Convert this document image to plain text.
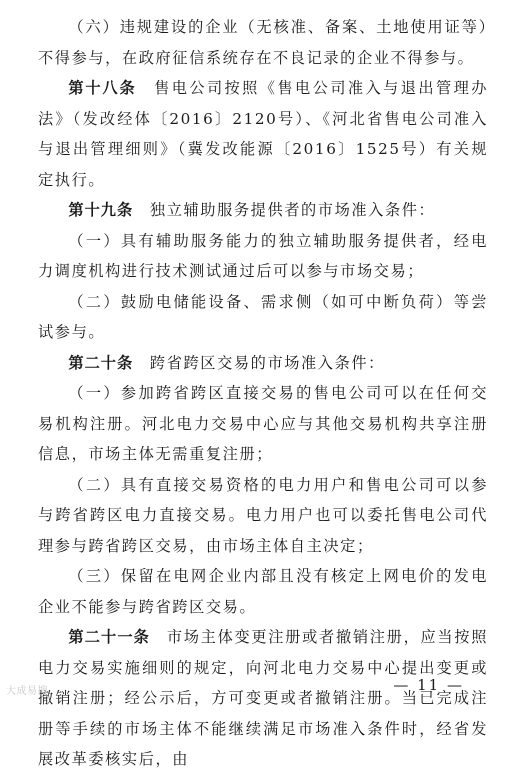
（六）违规建设的企业（无核准、备案、土地使用证等）不得参与，在政府征信系统存在不良记录的企业不得参与。

第十八条　售电公司按照《售电公司准入与退出管理办法》（发改经体〔2016〕2120号）、《河北省售电公司准入与退出管理细则》（冀发改能源〔2016〕1525号）有关规定执行。

第十九条　独立辅助服务提供者的市场准入条件：

（一）具有辅助服务能力的独立辅助服务提供者，经电力调度机构进行技术测试通过后可以参与市场交易；

（二）鼓励电储能设备、需求侧（如可中断负荷）等尝试参与。

第二十条　跨省跨区交易的市场准入条件：

（一）参加跨省跨区直接交易的售电公司可以在任何交易机构注册。河北电力交易中心应与其他交易机构共享注册信息，市场主体无需重复注册；

（二）具有直接交易资格的电力用户和售电公司可以参与跨省跨区电力直接交易。电力用户也可以委托售电公司代理参与跨省跨区交易，由市场主体自主决定；

（三）保留在电网企业内部且没有核定上网电价的发电企业不能参与跨省跨区交易。

第二十一条　市场主体变更注册或者撤销注册，应当按照电力交易实施细则的规定，向河北电力交易中心提出变更或撤销注册；经公示后，方可变更或者撤销注册。当已完成注册等手续的市场主体不能继续满足市场准入条件时，经省发展改革委核实后，由

大成易搜	— 11 —
